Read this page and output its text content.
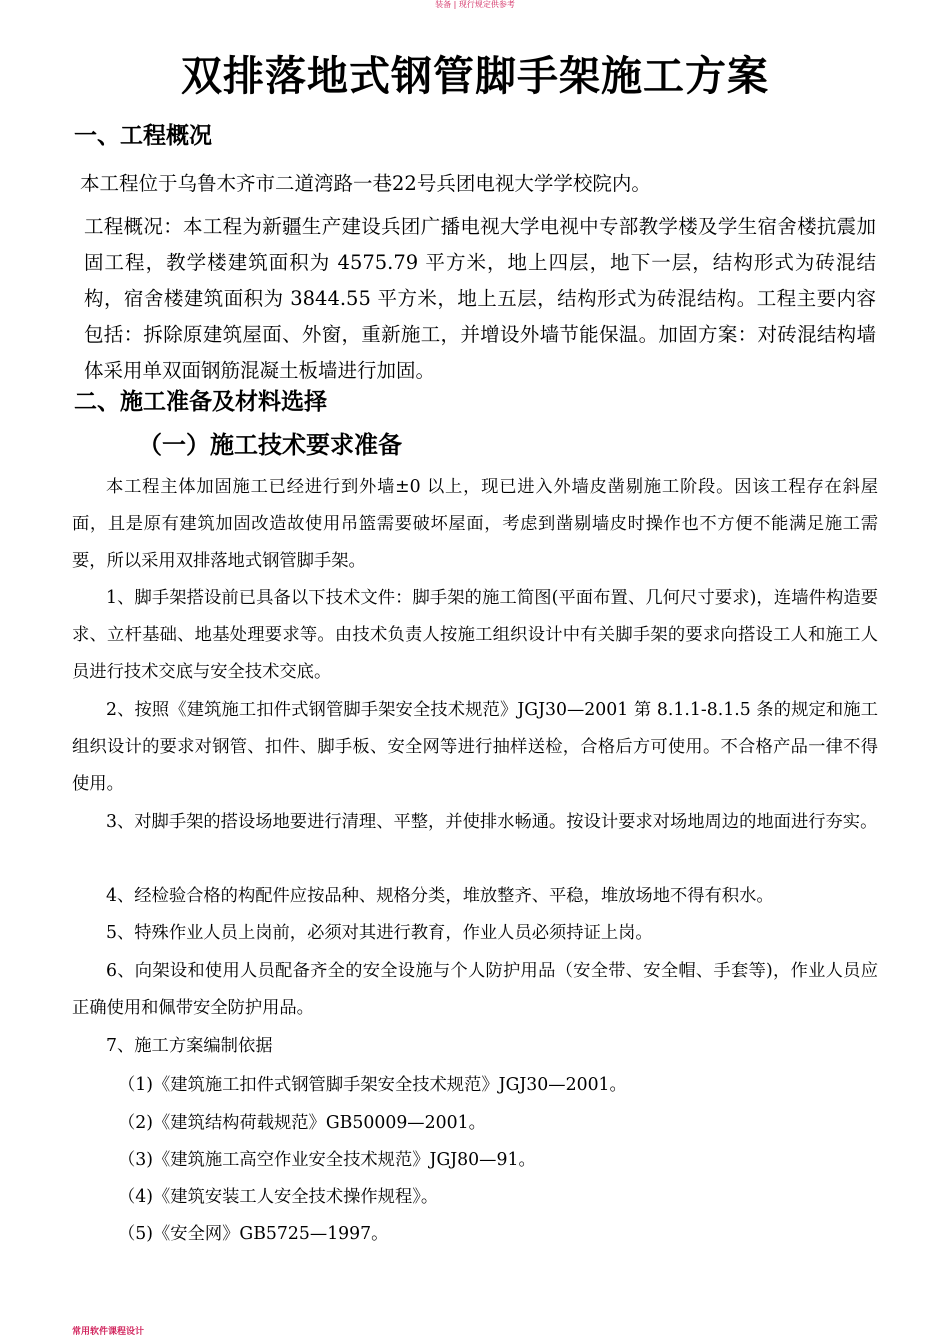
装备 | 现行规定供参考
双排落地式钢管脚手架施工方案
一、工程概况
本工程位于乌鲁木齐市二道湾路一巷22号兵团电视大学学校院内。
工程概况：本工程为新疆生产建设兵团广播电视大学电视中专部教学楼及学生宿舍楼抗震加固工程，教学楼建筑面积为 4575.79 平方米，地上四层，地下一层，结构形式为砖混结构，宿舍楼建筑面积为 3844.55 平方米，地上五层，结构形式为砖混结构。工程主要内容包括：拆除原建筑屋面、外窗，重新施工，并增设外墙节能保温。加固方案：对砖混结构墙体采用单双面钢筋混凝土板墙进行加固。
二、施工准备及材料选择
（一）施工技术要求准备
本工程主体加固施工已经进行到外墙±0 以上，现已进入外墙皮凿剔施工阶段。因该工程存在斜屋面，且是原有建筑加固改造故使用吊篮需要破坏屋面，考虑到凿剔墙皮时操作也不方便不能满足施工需要，所以采用双排落地式钢管脚手架。
1、脚手架搭设前已具备以下技术文件：脚手架的施工简图(平面布置、几何尺寸要求)，连墙件构造要求、立杆基础、地基处理要求等。由技术负责人按施工组织设计中有关脚手架的要求向搭设工人和施工人员进行技术交底与安全技术交底。
2、按照《建筑施工扣件式钢管脚手架安全技术规范》JGJ30—2001 第 8.1.1-8.1.5 条的规定和施工组织设计的要求对钢管、扣件、脚手板、安全网等进行抽样送检，合格后方可使用。不合格产品一律不得使用。
3、对脚手架的搭设场地要进行清理、平整，并使排水畅通。按设计要求对场地周边的地面进行夯实。
4、经检验合格的构配件应按品种、规格分类，堆放整齐、平稳，堆放场地不得有积水。
5、特殊作业人员上岗前，必须对其进行教育，作业人员必须持证上岗。
6、向架设和使用人员配备齐全的安全设施与个人防护用品（安全带、安全帽、手套等)，作业人员应正确使用和佩带安全防护用品。
7、施工方案编制依据
（1)《建筑施工扣件式钢管脚手架安全技术规范》JGJ30—2001。
（2)《建筑结构荷载规范》GB50009—2001。
（3)《建筑施工高空作业安全技术规范》JGJ80—91。
（4)《建筑安装工人安全技术操作规程》。
（5)《安全网》GB5725—1997。
常用软件课程设计
